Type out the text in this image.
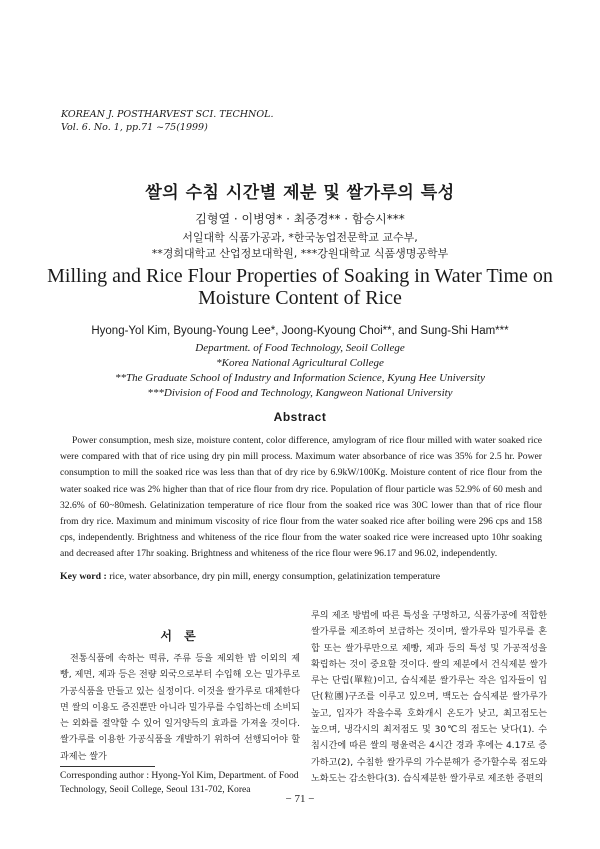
KOREAN J. POSTHARVEST SCI. TECHNOL.
Vol. 6. No. 1, pp.71 ~75(1999)
쌀의 수침 시간별 제분 및 쌀가루의 특성
김형열 · 이병영* · 최중경** · 함승시***
서일대학 식품가공과, *한국농업전문학교 교수부,
**경희대학교 산업정보대학원, ***강원대학교 식품생명공학부
Milling and Rice Flour Properties of Soaking in Water Time on
Moisture Content of Rice
Hyong-Yol Kim, Byoung-Young Lee*, Joong-Kyoung Choi**, and Sung-Shi Ham***
Department. of Food Technology, Seoil College
*Korea National Agricultural College
**The Graduate School of Industry and Information Science, Kyung Hee University
***Division of Food and Technology, Kangweon National University
Abstract
Power consumption, mesh size, moisture content, color difference, amylogram of rice flour milled with water soaked rice were compared with that of rice using dry pin mill process. Maximum water absorbance of rice was 35% for 2.5 hr. Power consumption to mill the soaked rice was less than that of dry rice by 6.9kW/100Kg. Moisture content of rice flour from the water soaked rice was 2% higher than that of rice flour from dry rice. Population of flour particle was 52.9% of 60 mesh and 32.6% of 60~80mesh. Gelatinization temperature of rice flour from the soaked rice was 30C lower than that of rice flour from dry rice. Maximum and minimum viscosity of rice flour from the water soaked rice after boiling were 296 cps and 158 cps, independently. Brightness and whiteness of the rice flour from the water soaked rice were increased upto 10hr soaking and decreased after 17hr soaking. Brightness and whiteness of the rice flour were 96.17 and 96.02, independently.
Key word : rice, water absorbance, dry pin mill, energy consumption, gelatinization temperature
서 론
전통식품에 속하는 떡류, 주류 등을 제외한 밥 이외의 제빵, 제면, 제과 등은 전량 외국으로부터 수입해 오는 밀가루로 가공식품을 만들고 있는 실정이다. 이것을 쌀가루로 대체한다면 쌀의 이용도 증진뿐만 아니라 밀가루를 수입하는데 소비되는 외화를 절약할 수 있어 일거양득의 효과를 가져올 것이다. 쌀가루를 이용한 가공식품을 개발하기 위하여 선행되어야 할 과제는 쌀가
루의 제조 방법에 따른 특성을 구명하고, 식품가공에 적합한 쌀가루를 제조하여 보급하는 것이며, 쌀가루와 밀가루를 혼합 또는 쌀가루만으로 제빵, 제과 등의 특성 및 가공적성을 확립하는 것이 중요할 것이다. 쌀의 제분에서 건식제분 쌀가루는 단립(單粒)이고, 습식제분 쌀가루는 작은 입자들이 입단(粒團)구조를 이루고 있으며, 백도는 습식제분 쌀가루가 높고, 입자가 작을수록 호화개시 온도가 낮고, 최고점도는 높으며, 냉각시의 최저점도 및 30℃의 점도는 낮다(1). 수침시간에 따른 쌀의 평윤력은 4시간 경과 후에는 4.17로 증가하고(2), 수침한 쌀가루의 가수분해가 증가할수록 점도와 노화도는 감소한다(3). 습식제분한 쌀가루로 제조한 증편의
Corresponding author : Hyong-Yol Kim, Department. of Food Technology, Seoil College, Seoul 131-702, Korea
− 71 −
